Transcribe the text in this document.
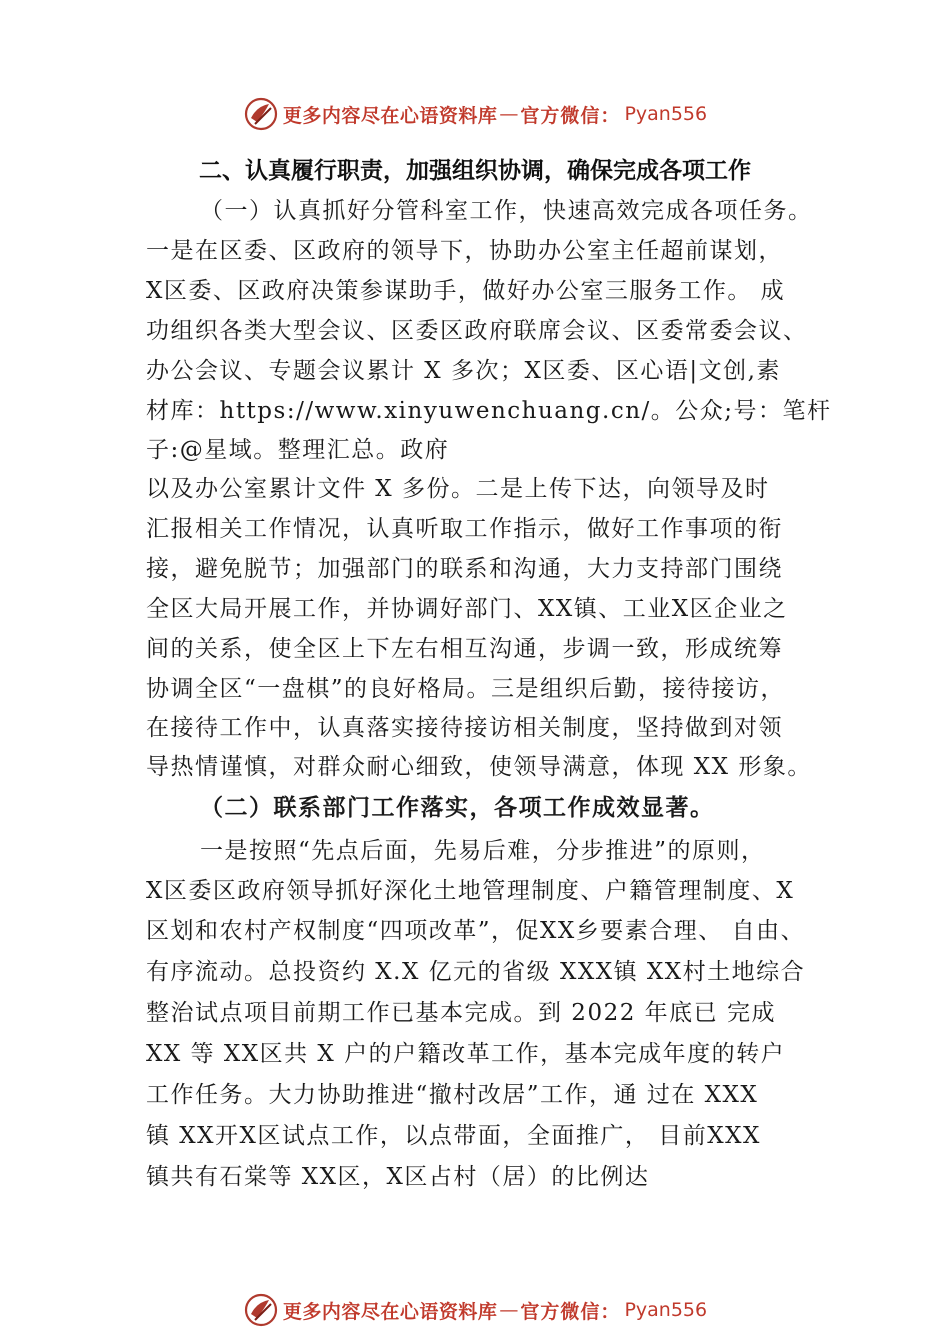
更多内容尽在心语资料库 — 官方微信： Pyan556
二、认真履行职责，加强组织协调，确保完成各项工作
（一）认真抓好分管科室工作，快速高效完成各项任务。
一是在区委、区政府的领导下，协助办公室主任超前谋划，
X区委、区政府决策参谋助手，做好办公室三服务工作。 成
功组织各类大型会议、区委区政府联席会议、区委常委会议、
办公会议、专题会议累计 X 多次；X区委、区心语|文创,素
材库：https://www.xinyuwenchuang.cn/。公众;号：笔杆
子:@星域。整理汇总。政府
以及办公室累计文件 X 多份。二是上传下达，向领导及时
汇报相关工作情况，认真听取工作指示，做好工作事项的衔
接，避免脱节；加强部门的联系和沟通，大力支持部门围绕
全区大局开展工作，并协调好部门、XX镇、工业X区企业之
间的关系，使全区上下左右相互沟通，步调一致，形成统筹
协调全区“一盘棋”的良好格局。三是组织后勤，接待接访，
在接待工作中，认真落实接待接访相关制度，坚持做到对领
导热情谨慎，对群众耐心细致，使领导满意，体现 XX 形象。
（二）联系部门工作落实，各项工作成效显著。
一是按照“先点后面，先易后难，分步推进”的原则，
X区委区政府领导抓好深化土地管理制度、户籍管理制度、X
区划和农村产权制度“四项改革”，促XX乡要素合理、 自由、
有序流动。总投资约 X.X 亿元的省级 XXX镇 XX村土地综合
整治试点项目前期工作已基本完成。到 2022 年底已 完成
XX 等 XX区共 X 户的户籍改革工作，基本完成年度的转户
工作任务。大力协助推进“撤村改居”工作，通 过在 XXX
镇 XX开X区试点工作，以点带面，全面推广， 目前XXX
镇共有石棠等 XX区，X区占村（居）的比例达
更多内容尽在心语资料库 — 官方微信： Pyan556
